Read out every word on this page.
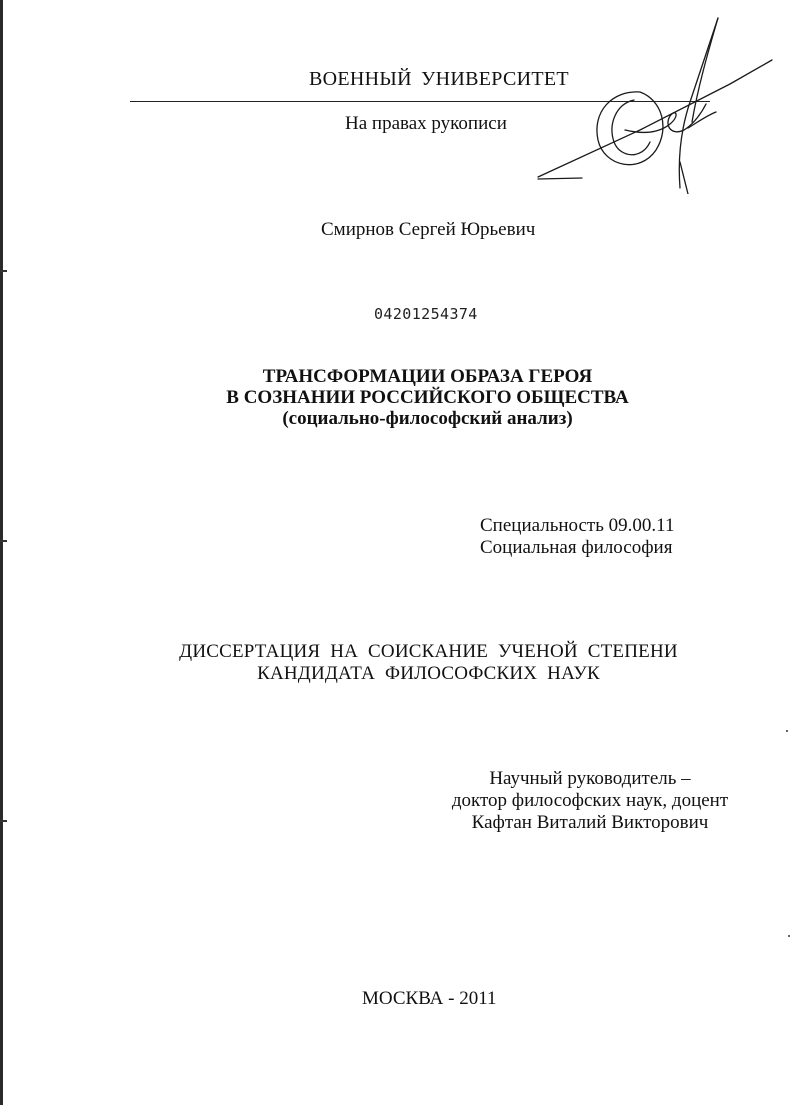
ВОЕННЫЙ УНИВЕРСИТЕТ
На правах рукописи
Смирнов Сергей Юрьевич
04201254374
ТРАНСФОРМАЦИИ ОБРАЗА ГЕРОЯ
В СОЗНАНИИ РОССИЙСКОГО ОБЩЕСТВА
(социально-философский анализ)
Специальность 09.00.11
Социальная философия
ДИССЕРТАЦИЯ НА СОИСКАНИЕ УЧЕНОЙ СТЕПЕНИ
КАНДИДАТА ФИЛОСОФСКИХ НАУК
Научный руководитель –
доктор философских наук, доцент
Кафтан Виталий Викторович
МОСКВА - 2011
